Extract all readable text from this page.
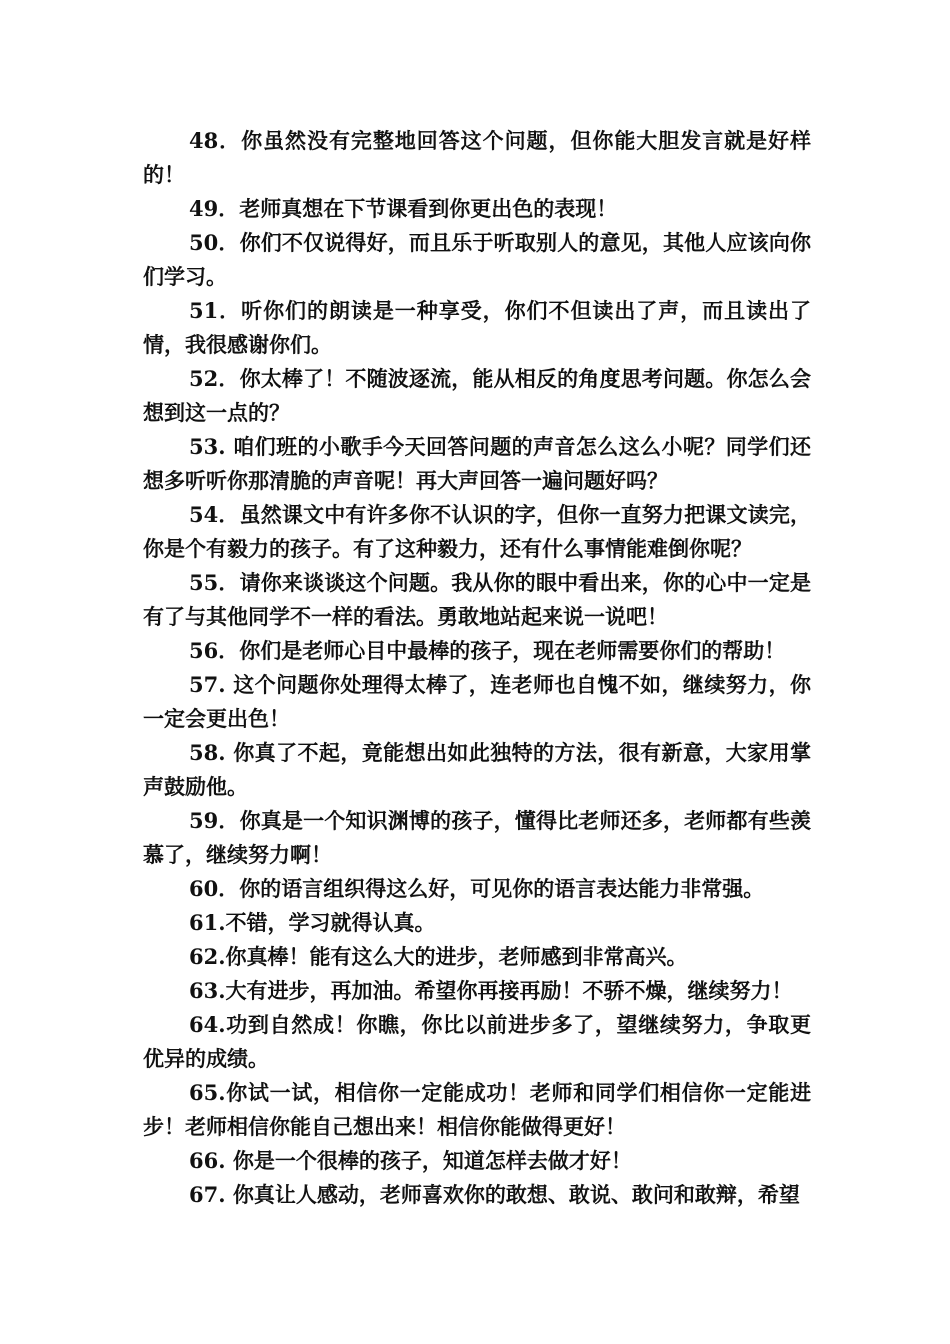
48．你虽然没有完整地回答这个问题，但你能大胆发言就是好样的！

49．老师真想在下节课看到你更出色的表现！

50．你们不仅说得好，而且乐于听取别人的意见，其他人应该向你们学习。

51．听你们的朗读是一种享受，你们不但读出了声，而且读出了情，我很感谢你们。

52．你太棒了！不随波逐流，能从相反的角度思考问题。你怎么会想到这一点的？

53. 咱们班的小歌手今天回答问题的声音怎么这么小呢？同学们还想多听听你那清脆的声音呢！再大声回答一遍问题好吗？

54．虽然课文中有许多你不认识的字，但你一直努力把课文读完，你是个有毅力的孩子。有了这种毅力，还有什么事情能难倒你呢？

55．请你来谈谈这个问题。我从你的眼中看出来，你的心中一定是有了与其他同学不一样的看法。勇敢地站起来说一说吧！

56．你们是老师心目中最棒的孩子，现在老师需要你们的帮助！

57. 这个问题你处理得太棒了，连老师也自愧不如，继续努力，你一定会更出色！

58. 你真了不起，竟能想出如此独特的方法，很有新意，大家用掌声鼓励他。

59．你真是一个知识渊博的孩子，懂得比老师还多，老师都有些羡慕了，继续努力啊！

60．你的语言组织得这么好，可见你的语言表达能力非常强。

61.不错，学习就得认真。

62.你真棒！能有这么大的进步，老师感到非常高兴。

63.大有进步，再加油。希望你再接再励！不骄不燥，继续努力！

64.功到自然成！你瞧，你比以前进步多了，望继续努力，争取更优异的成绩。

65.你试一试，相信你一定能成功！老师和同学们相信你一定能进步！老师相信你能自己想出来！相信你能做得更好！

66. 你是一个很棒的孩子，知道怎样去做才好！

67. 你真让人感动，老师喜欢你的敢想、敢说、敢问和敢辩，希望
